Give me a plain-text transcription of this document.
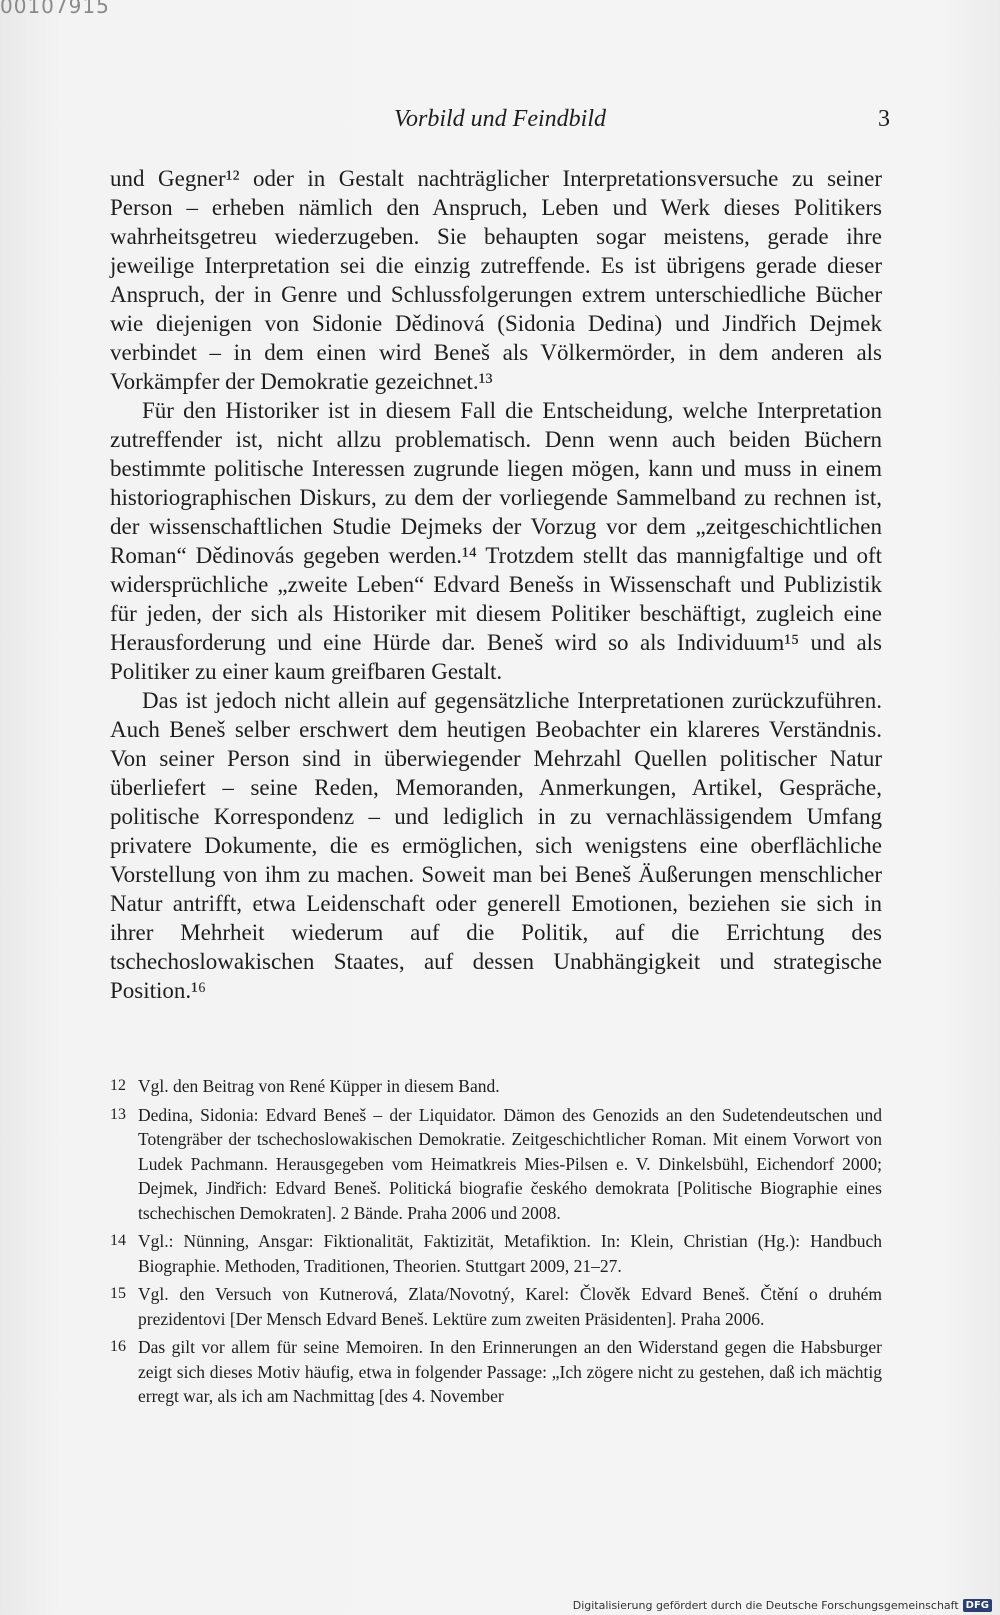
00107915
Vorbild und Feindbild	3

und Gegner¹² oder in Gestalt nachträglicher Interpretationsversuche zu seiner Person – erheben nämlich den Anspruch, Leben und Werk dieses Politikers wahrheitsgetreu wiederzugeben. Sie behaupten sogar meistens, gerade ihre jeweilige Interpretation sei die einzig zutreffende. Es ist übrigens gerade dieser Anspruch, der in Genre und Schlussfolgerungen extrem unterschiedliche Bücher wie diejenigen von Sidonie Dědinová (Sidonia Dedina) und Jindřich Dejmek verbindet – in dem einen wird Beneš als Völkermörder, in dem anderen als Vorkämpfer der Demokratie gezeichnet.¹³

Für den Historiker ist in diesem Fall die Entscheidung, welche Interpretation zutreffender ist, nicht allzu problematisch. Denn wenn auch beiden Büchern bestimmte politische Interessen zugrunde liegen mögen, kann und muss in einem historiographischen Diskurs, zu dem der vorliegende Sammelband zu rechnen ist, der wissenschaftlichen Studie Dejmeks der Vorzug vor dem „zeitgeschichtlichen Roman“ Dědinovás gegeben werden.¹⁴ Trotzdem stellt das mannigfaltige und oft widersprüchliche „zweite Leben“ Edvard Benešs in Wissenschaft und Publizistik für jeden, der sich als Historiker mit diesem Politiker beschäftigt, zugleich eine Herausforderung und eine Hürde dar. Beneš wird so als Individuum¹⁵ und als Politiker zu einer kaum greifbaren Gestalt.

Das ist jedoch nicht allein auf gegensätzliche Interpretationen zurückzuführen. Auch Beneš selber erschwert dem heutigen Beobachter ein klareres Verständnis. Von seiner Person sind in überwiegender Mehrzahl Quellen politischer Natur überliefert – seine Reden, Memoranden, Anmerkungen, Artikel, Gespräche, politische Korrespondenz – und lediglich in zu vernachlässigendem Umfang privatere Dokumente, die es ermöglichen, sich wenigstens eine oberflächliche Vorstellung von ihm zu machen. Soweit man bei Beneš Äußerungen menschlicher Natur antrifft, etwa Leidenschaft oder generell Emotionen, beziehen sie sich in ihrer Mehrheit wiederum auf die Politik, auf die Errichtung des tschechoslowakischen Staates, auf dessen Unabhängigkeit und strategische Position.¹⁶

12 Vgl. den Beitrag von René Küpper in diesem Band.
13 Dedina, Sidonia: Edvard Beneš – der Liquidator. Dämon des Genozids an den Sudetendeutschen und Totengräber der tschechoslowakischen Demokratie. Zeitgeschichtlicher Roman. Mit einem Vorwort von Ludek Pachmann. Herausgegeben vom Heimatkreis Mies-Pilsen e. V. Dinkelsbühl, Eichendorf 2000; Dejmek, Jindřich: Edvard Beneš. Politická biografie českého demokrata [Politische Biographie eines tschechischen Demokraten]. 2 Bände. Praha 2006 und 2008.
14 Vgl.: Nünning, Ansgar: Fiktionalität, Faktizität, Metafiktion. In: Klein, Christian (Hg.): Handbuch Biographie. Methoden, Traditionen, Theorien. Stuttgart 2009, 21–27.
15 Vgl. den Versuch von Kutnerová, Zlata/Novotný, Karel: Člověk Edvard Beneš. Čtění o druhém prezidentovi [Der Mensch Edvard Beneš. Lektüre zum zweiten Präsidenten]. Praha 2006.
16 Das gilt vor allem für seine Memoiren. In den Erinnerungen an den Widerstand gegen die Habsburger zeigt sich dieses Motiv häufig, etwa in folgender Passage: „Ich zögere nicht zu gestehen, daß ich mächtig erregt war, als ich am Nachmittag [des 4. November
Digitalisierung gefördert durch die Deutsche Forschungsgemeinschaft DFG
